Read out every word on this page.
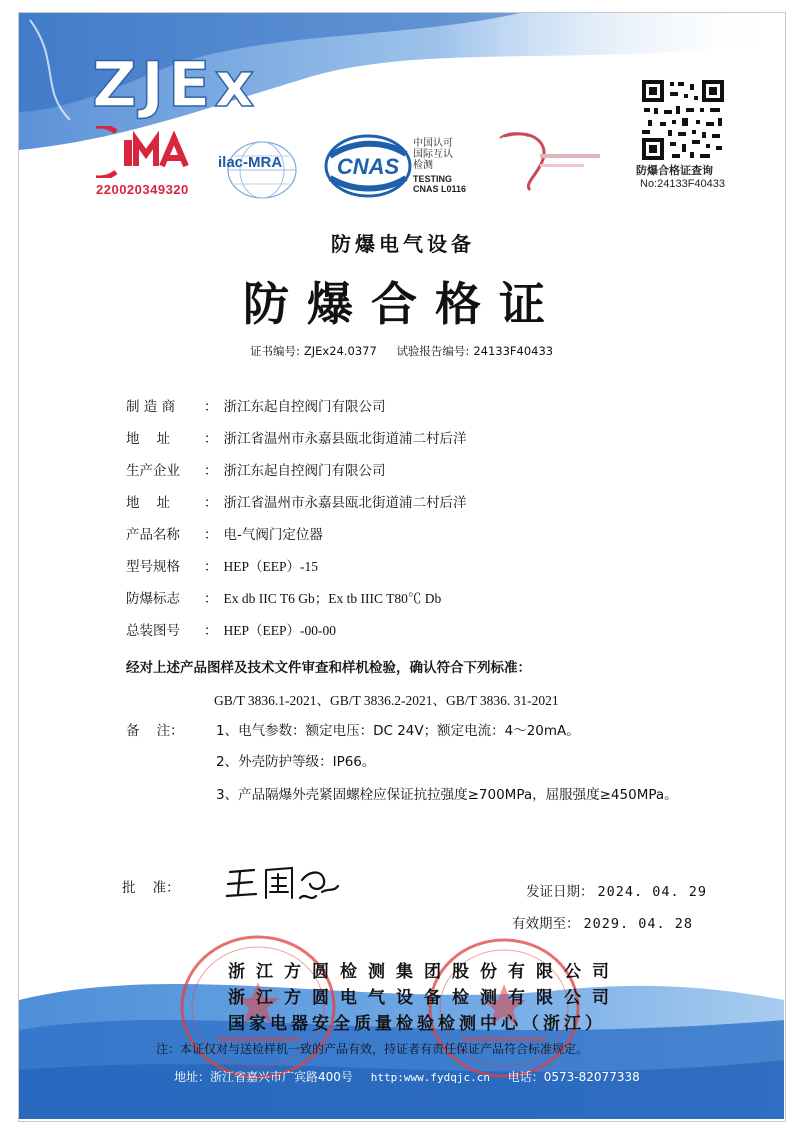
ZJEx
220020349320
ilac-MRA CNAS
中国认可
国际互认
检测
TESTING
CNAS L0116
防爆合格证查询
No:24133F40433
防爆电气设备
防爆合格证
证书编号: ZJEx24.0377 试验报告编号: 24133F40433
制 造 商 ： 浙江东起自控阀门有限公司
地    址	： 浙江省温州市永嘉县瓯北街道浦二村后洋
生产企业 ： 浙江东起自控阀门有限公司
地    址	： 浙江省温州市永嘉县瓯北街道浦二村后洋
产品名称 ： 电-气阀门定位器
型号规格 ： HEP（EEP）-15
防爆标志 ： Ex db IIC T6 Gb；Ex tb IIIC T80℃ Db
总装图号 ： HEP（EEP）-00-00
经对上述产品图样及技术文件审查和样机检验，确认符合下列标准：
GB/T 3836.1-2021、GB/T 3836.2-2021、GB/T 3836. 31-2021
备    注：	1、电气参数：额定电压：DC 24V；额定电流：4～20mA。
2、外壳防护等级：IP66。
3、产品隔爆外壳紧固螺栓应保证抗拉强度≥700MPa，屈服强度≥450MPa。
批    准：	发证日期： 2024. 04. 29
有效期至： 2029. 04. 28
浙江方圆检测集团股份有限公司
浙江方圆电气设备检测有限公司
国家电器安全质量检验检测中心（浙江）
注：本证仅对与送检样机一致的产品有效，持证者有责任保证产品符合标准规定。
地址：浙江省嘉兴市广宾路400号 http:www.fydqjc.cn 电话：0573-82077338
